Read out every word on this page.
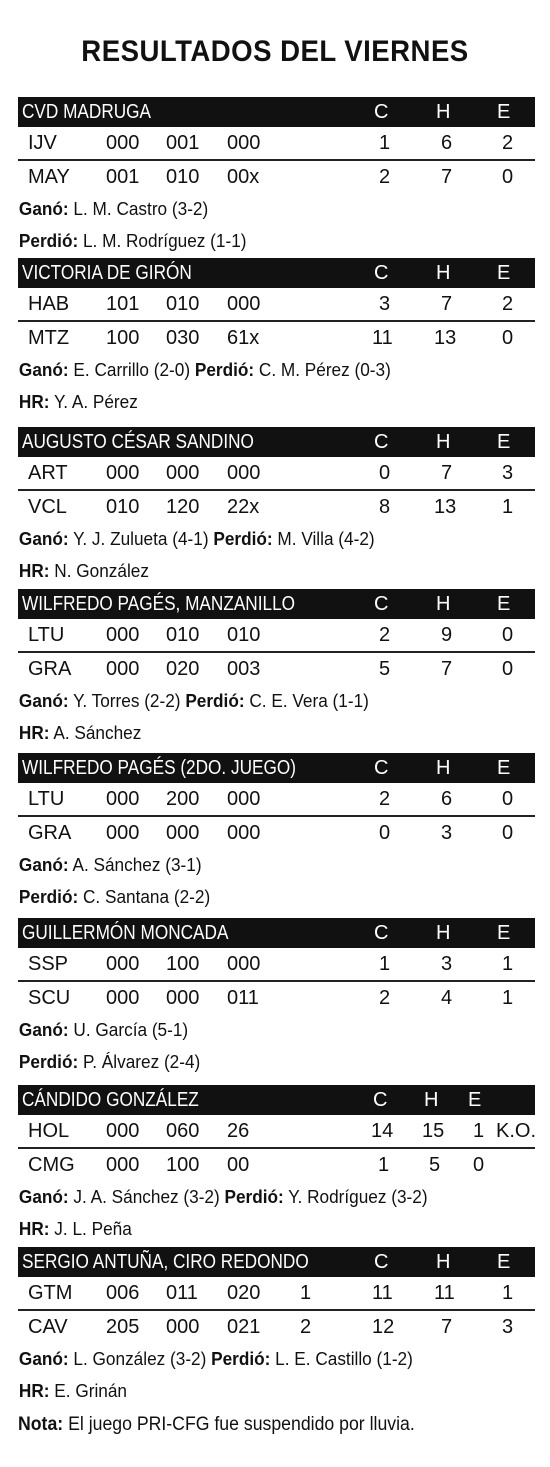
RESULTADOS DEL VIERNES
CVD MADRUGA	C H E
IJV 000 001 000	1	6 2
MAY 001 010 00x	2	7 0
Ganó: L. M. Castro (3-2)
Perdió: L. M. Rodríguez (1-1)
VICTORIA DE GIRÓN	C H E
HAB 101 010 000	3	7 2
MTZ 100 030 61x	11 13 0
Ganó: E. Carrillo (2-0) Perdió: C. M. Pérez (0-3)
HR: Y. A. Pérez
AUGUSTO CÉSAR SANDINO	C H E
ART 000 000 000	0	7 3
VCL 010 120 22x	8 13 1
Ganó: Y. J. Zulueta (4-1) Perdió: M. Villa (4-2)
HR: N. González
WILFREDO PAGÉS, MANZANILLO	C H E
LTU 000 010 010	2	9 0
GRA 000 020 003	5	7 0
Ganó: Y. Torres (2-2) Perdió: C. E. Vera (1-1)
HR: A. Sánchez
WILFREDO PAGÉS (2DO. JUEGO)	C H E
LTU 000 200 000	2	6 0
GRA 000 000 000	0	3 0
Ganó: A. Sánchez (3-1)
Perdió: C. Santana (2-2)
GUILLERMÓN MONCADA	C H E
SSP 000 100 000	1	3 1
SCU 000 000 011	2	4 1
Ganó: U. García (5-1)
Perdió: P. Álvarez (2-4)
CÁNDIDO GONZÁLEZ	C H E
HOL 000 060 26	14 15 1 K.O.
CMG 000 100 00	1 5 0
Ganó: J. A. Sánchez (3-2) Perdió: Y. Rodríguez (3-2)
HR: J. L. Peña
SERGIO ANTUÑA, CIRO REDONDO	C H E
GTM 006 011 020 1	11 11 1
CAV 205 000 021 2	12 7 3
Ganó: L. González (3-2) Perdió: L. E. Castillo (1-2)
HR: E. Grinán
Nota: El juego PRI-CFG fue suspendido por lluvia.
